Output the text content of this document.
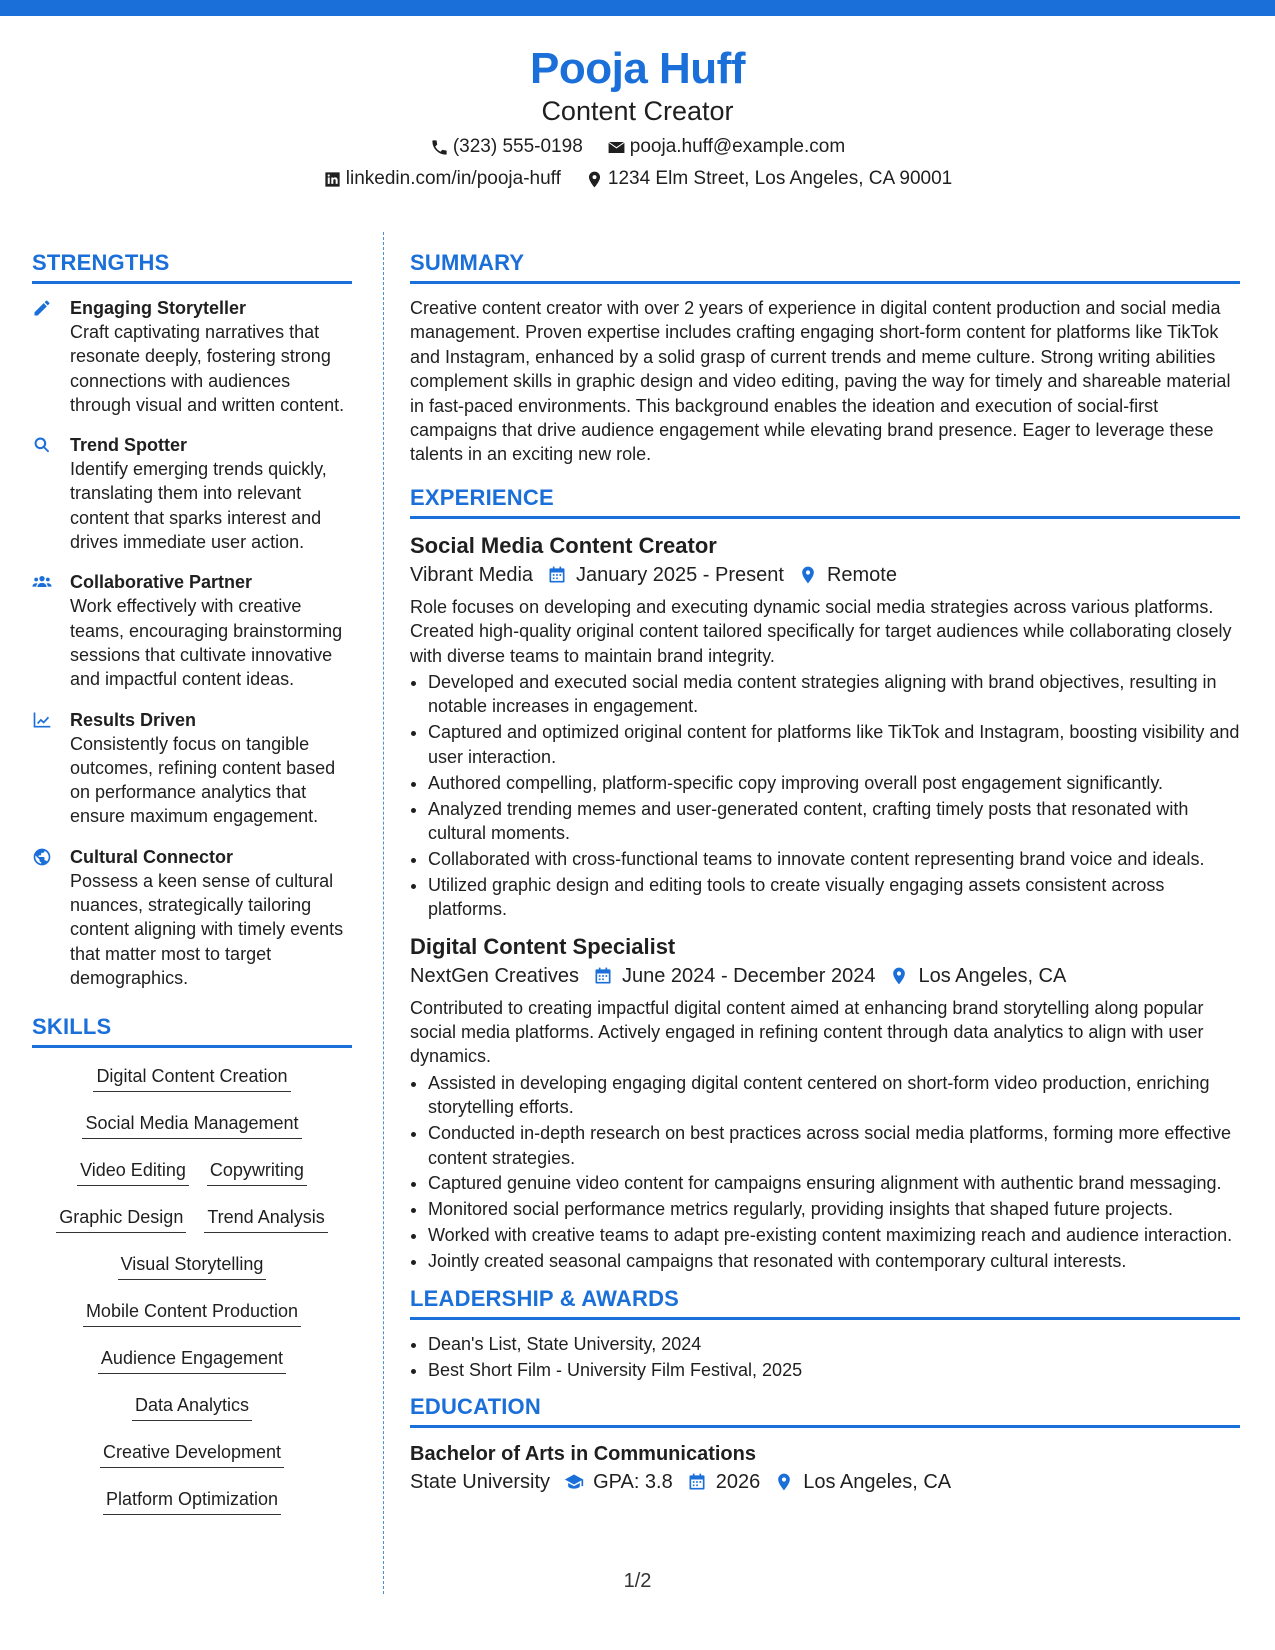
Pooja Huff
Content Creator
(323) 555-0198 pooja.huff@example.com
linkedin.com/in/pooja-huff 1234 Elm Street, Los Angeles, CA 90001
STRENGTHS
Engaging Storyteller
Craft captivating narratives that resonate deeply, fostering strong connections with audiences through visual and written content.
Trend Spotter
Identify emerging trends quickly, translating them into relevant content that sparks interest and drives immediate user action.
Collaborative Partner
Work effectively with creative teams, encouraging brainstorming sessions that cultivate innovative and impactful content ideas.
Results Driven
Consistently focus on tangible outcomes, refining content based on performance analytics that ensure maximum engagement.
Cultural Connector
Possess a keen sense of cultural nuances, strategically tailoring content aligning with timely events that matter most to target demographics.
SKILLS
Digital Content Creation
Social Media Management
Video Editing Copywriting
Graphic Design Trend Analysis
Visual Storytelling
Mobile Content Production
Audience Engagement
Data Analytics
Creative Development
Platform Optimization
SUMMARY
Creative content creator with over 2 years of experience in digital content production and social media management. Proven expertise includes crafting engaging short-form content for platforms like TikTok and Instagram, enhanced by a solid grasp of current trends and meme culture. Strong writing abilities complement skills in graphic design and video editing, paving the way for timely and shareable material in fast-paced environments. This background enables the ideation and execution of social-first campaigns that drive audience engagement while elevating brand presence. Eager to leverage these talents in an exciting new role.
EXPERIENCE
Social Media Content Creator
Vibrant Media January 2025 - Present Remote
Role focuses on developing and executing dynamic social media strategies across various platforms. Created high-quality original content tailored specifically for target audiences while collaborating closely with diverse teams to maintain brand integrity.
• Developed and executed social media content strategies aligning with brand objectives, resulting in notable increases in engagement.
• Captured and optimized original content for platforms like TikTok and Instagram, boosting visibility and user interaction.
• Authored compelling, platform-specific copy improving overall post engagement significantly.
• Analyzed trending memes and user-generated content, crafting timely posts that resonated with cultural moments.
• Collaborated with cross-functional teams to innovate content representing brand voice and ideals.
• Utilized graphic design and editing tools to create visually engaging assets consistent across platforms.
Digital Content Specialist
NextGen Creatives June 2024 - December 2024 Los Angeles, CA
Contributed to creating impactful digital content aimed at enhancing brand storytelling along popular social media platforms. Actively engaged in refining content through data analytics to align with user dynamics.
• Assisted in developing engaging digital content centered on short-form video production, enriching storytelling efforts.
• Conducted in-depth research on best practices across social media platforms, forming more effective content strategies.
• Captured genuine video content for campaigns ensuring alignment with authentic brand messaging.
• Monitored social performance metrics regularly, providing insights that shaped future projects.
• Worked with creative teams to adapt pre-existing content maximizing reach and audience interaction.
• Jointly created seasonal campaigns that resonated with contemporary cultural interests.
LEADERSHIP & AWARDS
• Dean's List, State University, 2024
• Best Short Film - University Film Festival, 2025
EDUCATION
Bachelor of Arts in Communications
State University GPA: 3.8 2026 Los Angeles, CA
1/2
